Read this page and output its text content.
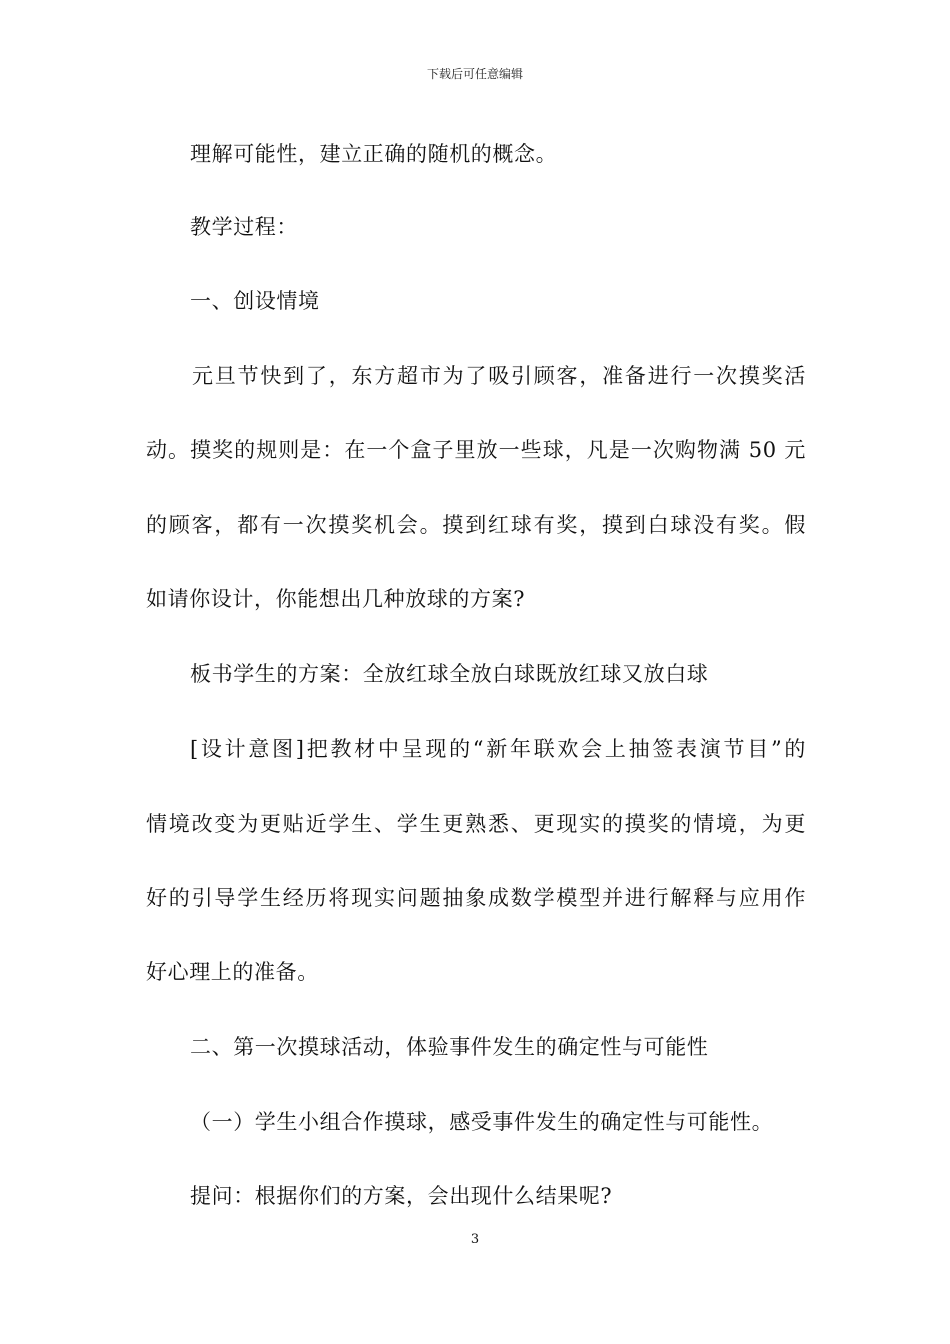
下载后可任意编辑
理解可能性，建立正确的随机的概念。
教学过程：
一、创设情境
元旦节快到了，东方超市为了吸引顾客，准备进行一次摸奖活
动。摸奖的规则是：在一个盒子里放一些球，凡是一次购物满 50 元
的顾客，都有一次摸奖机会。摸到红球有奖，摸到白球没有奖。假
如请你设计，你能想出几种放球的方案?
板书学生的方案：全放红球全放白球既放红球又放白球
[设计意图]把教材中呈现的“新年联欢会上抽签表演节目”的
情境改变为更贴近学生、学生更熟悉、更现实的摸奖的情境，为更
好的引导学生经历将现实问题抽象成数学模型并进行解释与应用作
好心理上的准备。
二、第一次摸球活动，体验事件发生的确定性与可能性
（一）学生小组合作摸球，感受事件发生的确定性与可能性。
提问：根据你们的方案，会出现什么结果呢?
3
